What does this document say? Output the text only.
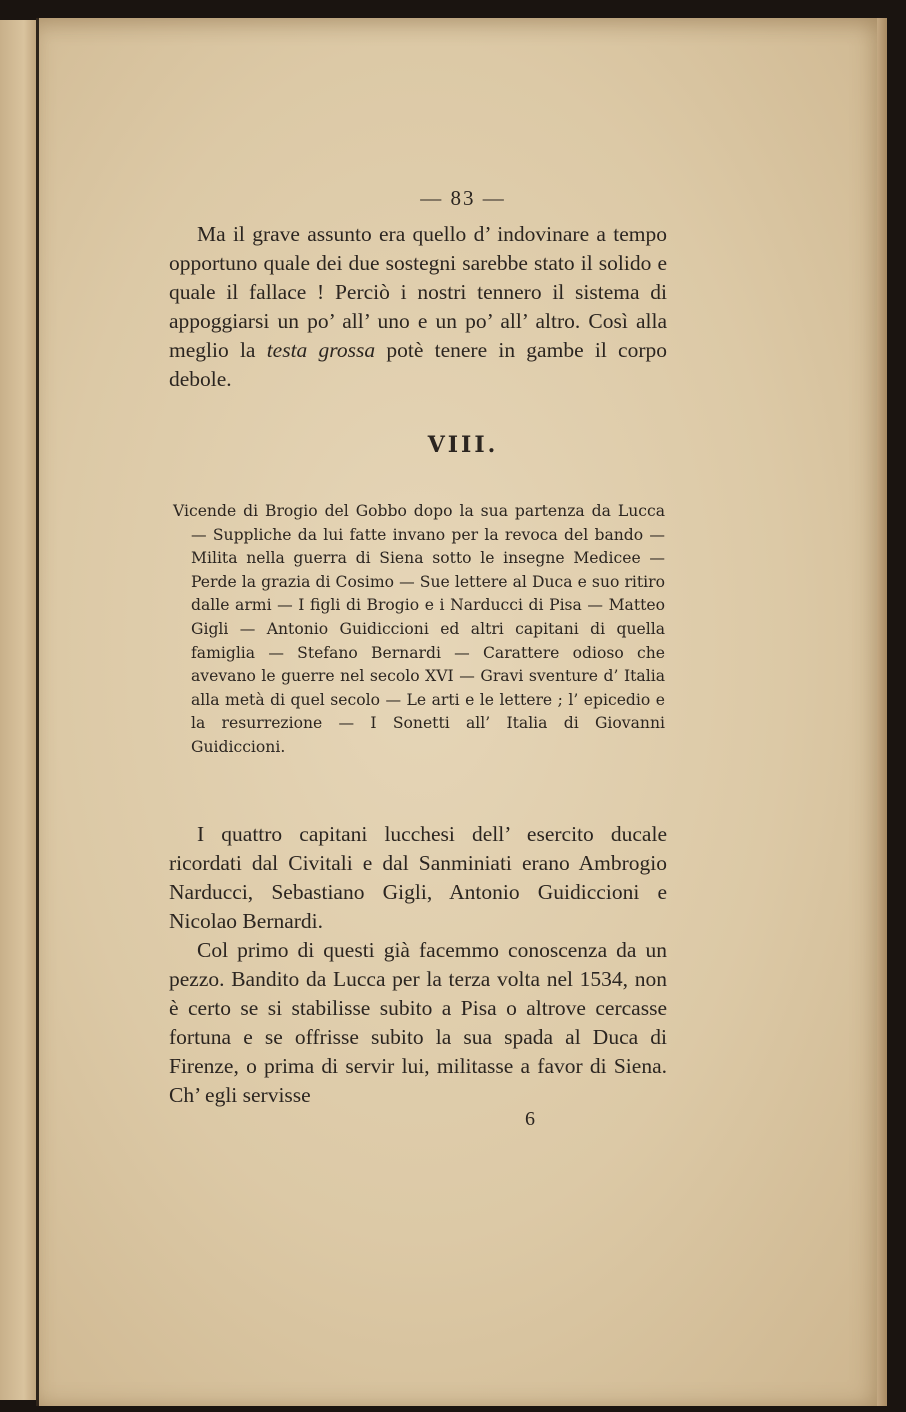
— 83 —

Ma il grave assunto era quello d’ indovinare a tempo opportuno quale dei due sostegni sarebbe stato il solido e quale il fallace ! Perciò i nostri tennero il sistema di appoggiarsi un po’ all’ uno e un po’ all’ altro. Così alla meglio la testa grossa potè tenere in gambe il corpo debole.

VIII.

Vicende di Brogio del Gobbo dopo la sua partenza da Lucca — Suppliche da lui fatte invano per la revoca del bando — Milita nella guerra di Siena sotto le insegne Medicee — Perde la grazia di Cosimo — Sue lettere al Duca e suo ritiro dalle armi — I figli di Brogio e i Narducci di Pisa — Matteo Gigli — Antonio Guidiccioni ed altri capitani di quella famiglia — Stefano Bernardi — Carattere odioso che avevano le guerre nel secolo XVI — Gravi sventure d’ Italia alla metà di quel secolo — Le arti e le lettere ; l’ epicedio e la resurrezione — I Sonetti all’ Italia di Giovanni Guidiccioni.

I quattro capitani lucchesi dell’ esercito ducale ricordati dal Civitali e dal Sanminiati erano Ambrogio Narducci, Sebastiano Gigli, Antonio Guidiccioni e Nicolao Bernardi.

Col primo di questi già facemmo conoscenza da un pezzo. Bandito da Lucca per la terza volta nel 1534, non è certo se si stabilisse subito a Pisa o altrove cercasse fortuna e se offrisse subito la sua spada al Duca di Firenze, o prima di servir lui, militasse a favor di Siena. Ch’ egli servisse

6
